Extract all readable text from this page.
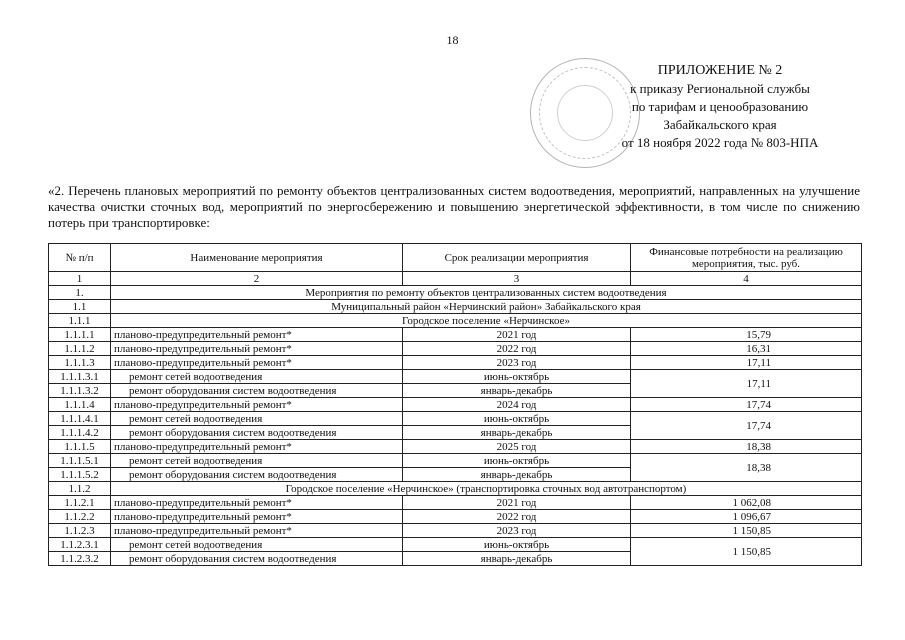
18
ПРИЛОЖЕНИЕ № 2
к приказу Региональной службы
по тарифам и ценообразованию
Забайкальского края
от 18 ноября 2022 года № 803-НПА
«2. Перечень плановых мероприятий по ремонту объектов централизованных систем водоотведения, мероприятий, направленных на улучшение качества очистки сточных вод, мероприятий по энергосбережению и повышению энергетической эффективности, в том числе по снижению потерь при транспортировке:
№ п/п	Наименование мероприятия	Срок реализации мероприятия	Финансовые потребности на реализацию мероприятия, тыс. руб.
1	2	3	4
1.	Мероприятия по ремонту объектов централизованных систем водоотведения		
1.1	Муниципальный район «Нерчинский район» Забайкальского края		
1.1.1	Городское поселение «Нерчинское»		
1.1.1.1	планово-предупредительный ремонт*	2021 год	15,79
1.1.1.2	планово-предупредительный ремонт*	2022 год	16,31
1.1.1.3	планово-предупредительный ремонт*	2023 год	17,11
1.1.1.3.1	ремонт сетей водоотведения	июнь-октябрь	17,11
1.1.1.3.2	ремонт оборудования систем водоотведения	январь-декабрь	
1.1.1.4	планово-предупредительный ремонт*	2024 год	17,74
1.1.1.4.1	ремонт сетей водоотведения	июнь-октябрь	17,74
1.1.1.4.2	ремонт оборудования систем водоотведения	январь-декабрь	
1.1.1.5	планово-предупредительный ремонт*	2025 год	18,38
1.1.1.5.1	ремонт сетей водоотведения	июнь-октябрь	18,38
1.1.1.5.2	ремонт оборудования систем водоотведения	январь-декабрь	
1.1.2	Городское поселение «Нерчинское» (транспортировка сточных вод автотранспортом)		
1.1.2.1	планово-предупредительный ремонт*	2021 год	1 062,08
1.1.2.2	планово-предупредительный ремонт*	2022 год	1 096,67
1.1.2.3	планово-предупредительный ремонт*	2023 год	1 150,85
1.1.2.3.1	ремонт сетей водоотведения	июнь-октябрь	1 150,85
1.1.2.3.2	ремонт оборудования систем водоотведения	январь-декабрь	
